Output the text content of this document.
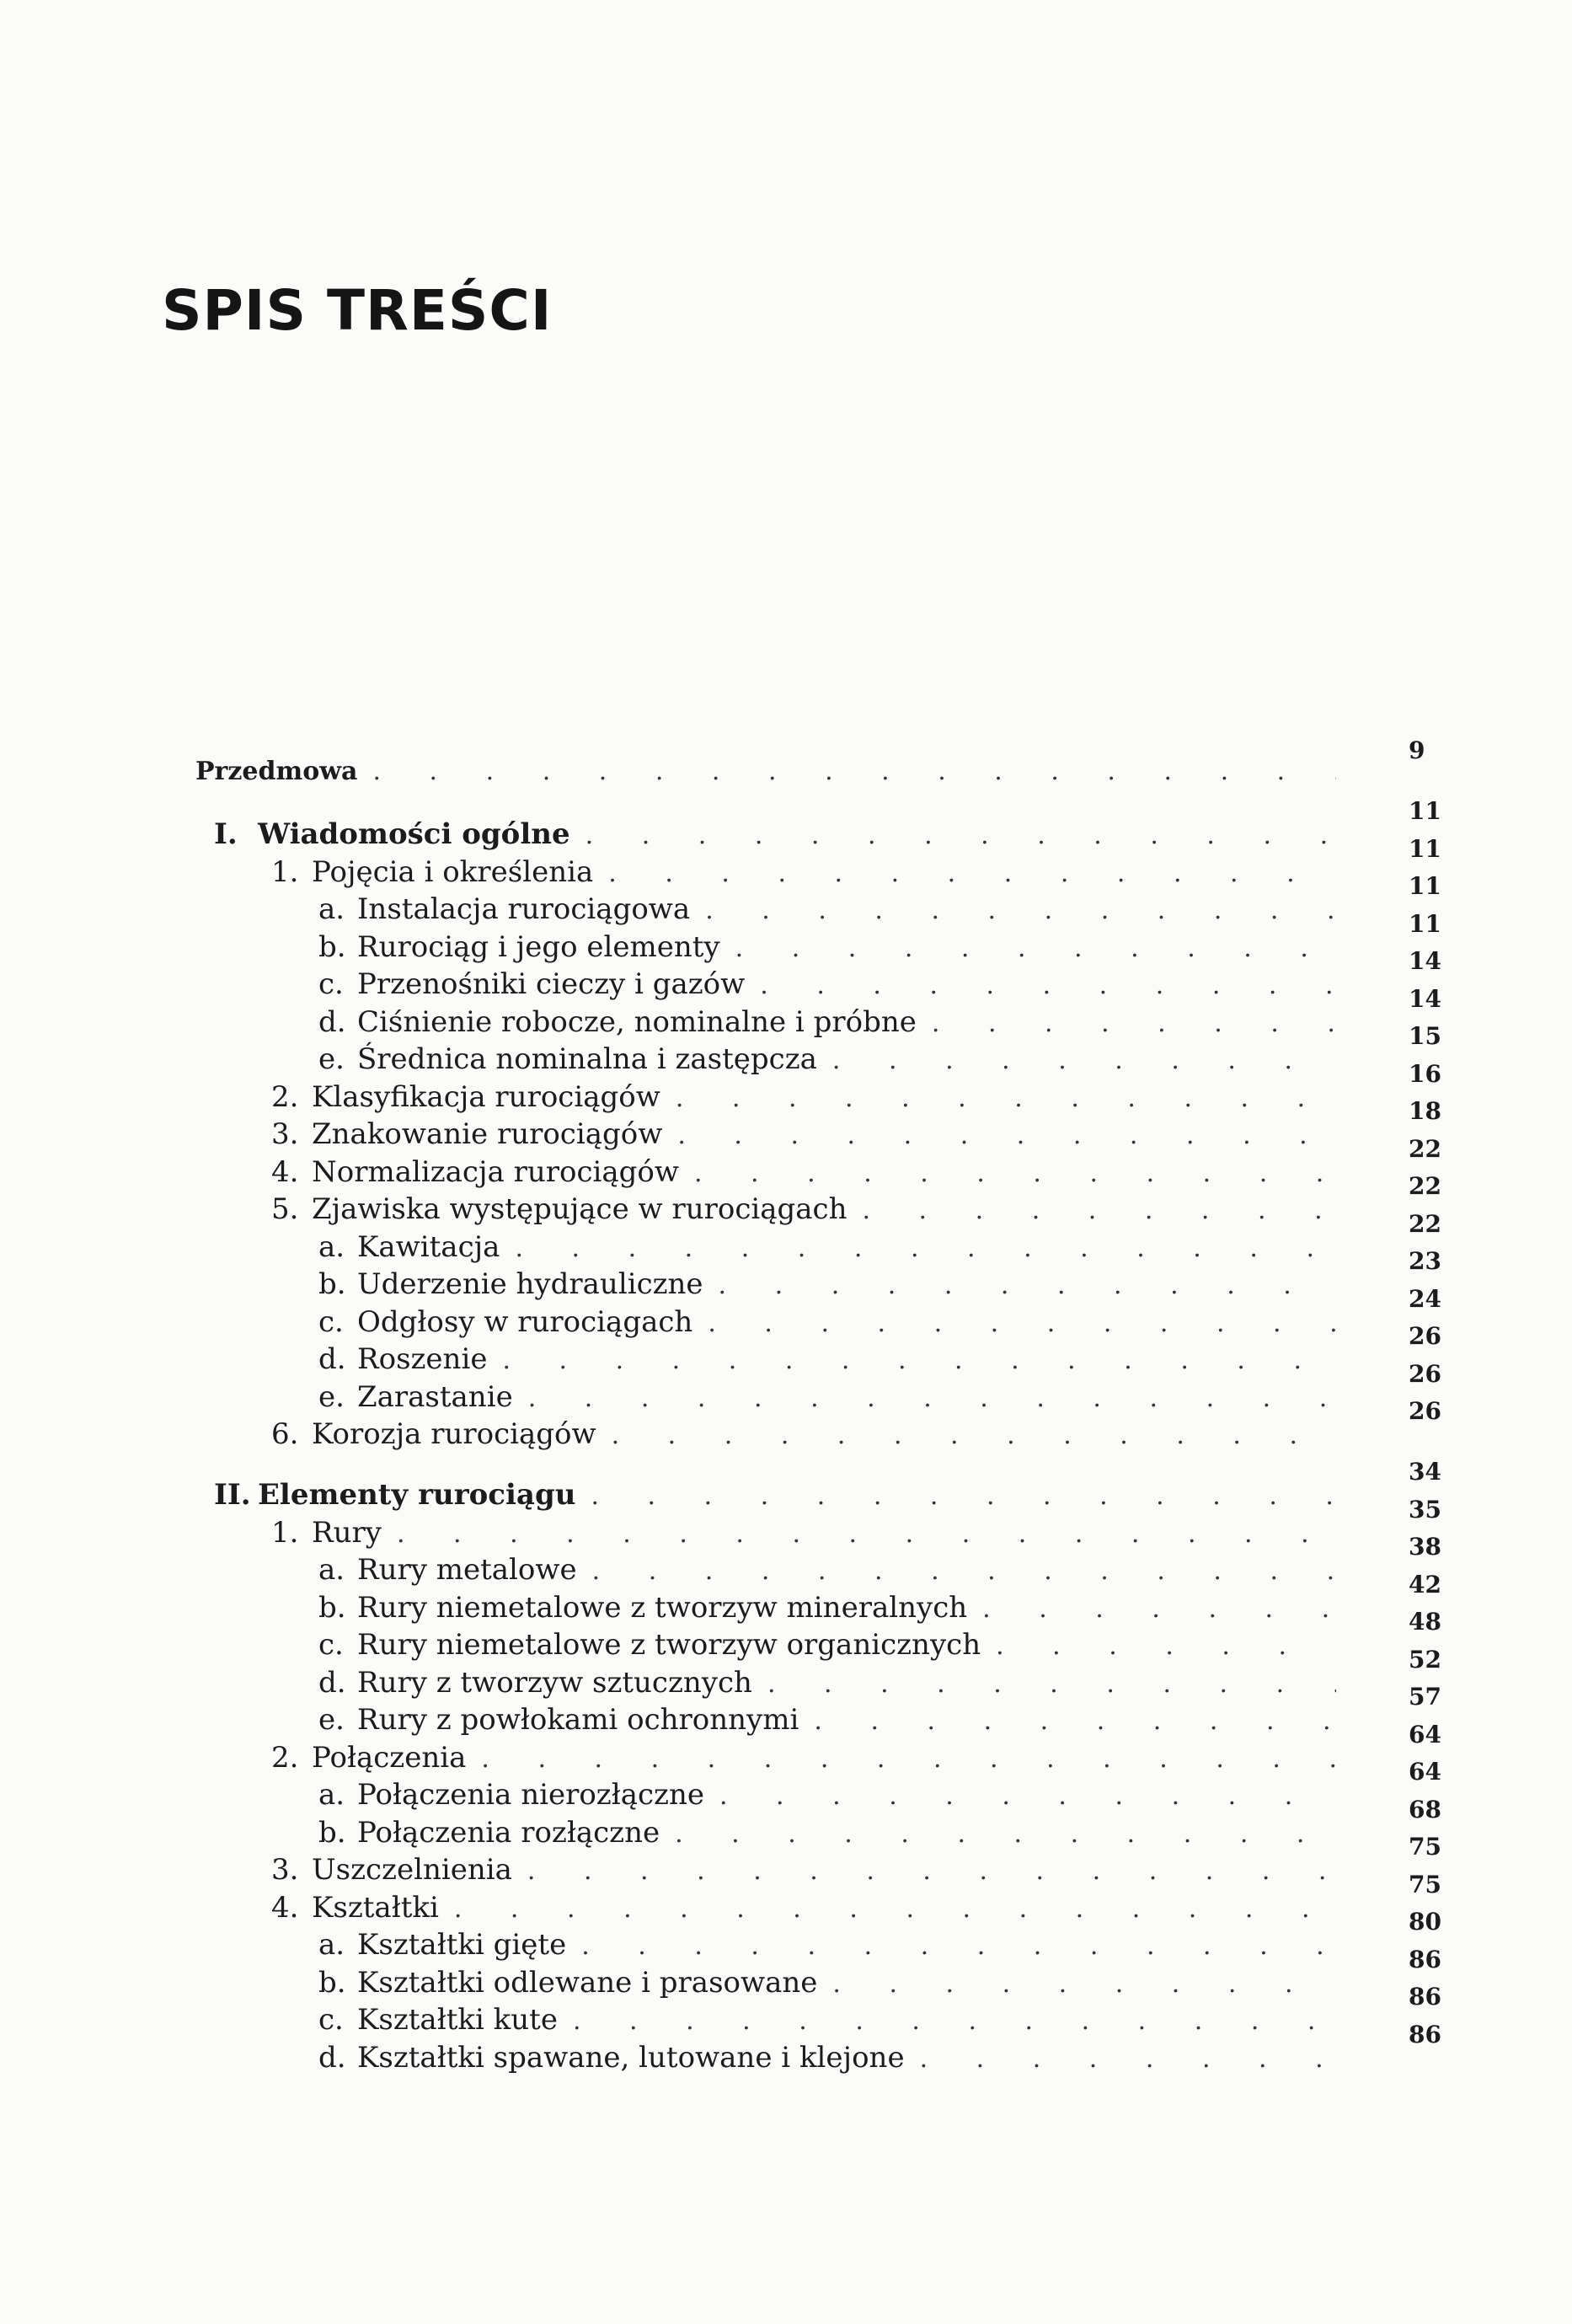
SPIS TREŚCI
Przedmowa
. . .
9
I. Wiadomości ogólne
. . .
11
1. Pojęcia i określenia
. . .
11
a. Instalacja rurociągowa
. . .
11
b. Rurociąg i jego elementy
. . .
11
c. Przenośniki cieczy i gazów
. . .
14
d. Ciśnienie robocze, nominalne i próbne
. . .
14
e. Średnica nominalna i zastępcza
. . .
15
2. Klasyfikacja rurociągów
. . .
16
3. Znakowanie rurociągów
. . .
18
4. Normalizacja rurociągów
. . .
22
5. Zjawiska występujące w rurociągach
. . .
22
a. Kawitacja
. . .
22
b. Uderzenie hydrauliczne
. . .
23
c. Odgłosy w rurociągach
. . .
24
d. Roszenie
. . .
26
e. Zarastanie
. . .
26
6. Korozja rurociągów
. . .
26
II. Elementy rurociągu
. . .
34
1. Rury
. . .
35
a. Rury metalowe
. . .
38
b. Rury niemetalowe z tworzyw mineralnych
. . .
42
c. Rury niemetalowe z tworzyw organicznych
. . .
48
d. Rury z tworzyw sztucznych
. . .
52
e. Rury z powłokami ochronnymi
. . .
57
2. Połączenia
. . .
64
a. Połączenia nierozłączne
. . .
64
b. Połączenia rozłączne
. . .
68
3. Uszczelnienia
. . .
75
4. Kształtki
. . .
75
a. Kształtki gięte
. . .
80
b. Kształtki odlewane i prasowane
. . .
86
c. Kształtki kute
. . .
86
d. Kształtki spawane, lutowane i klejone
. . .
86
